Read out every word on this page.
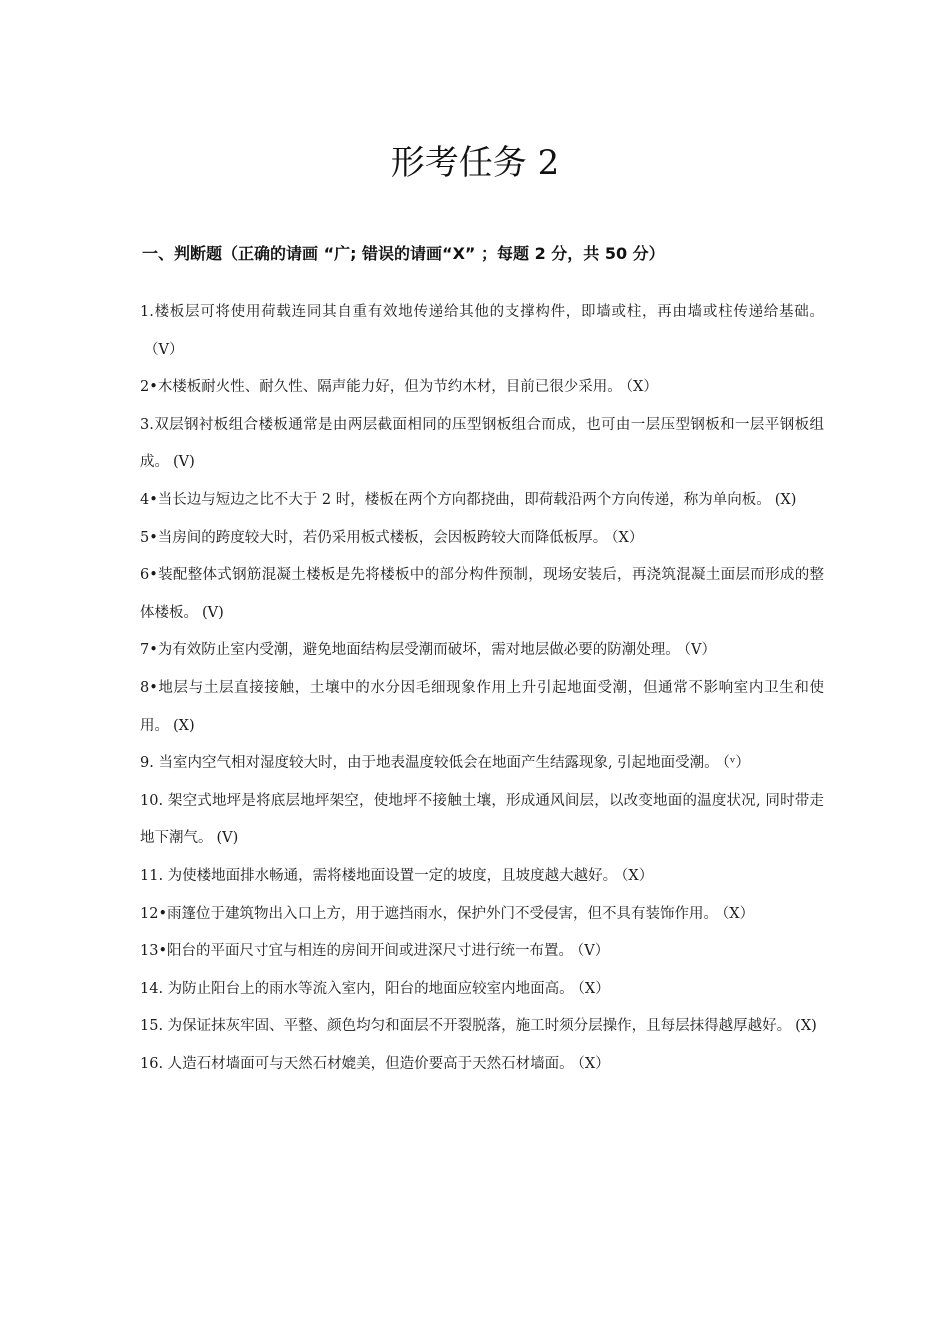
形考任务 2
一、判断题（正确的请画 “广; 错误的请画“X” ；每题 2 分，共 50 分）

1.楼板层可将使用荷载连同其自重有效地传递给其他的支撑构件，即墙或柱，再由墙或柱传递给基础。（V）

2•木楼板耐火性、耐久性、隔声能力好，但为节约木材，目前已很少采用。 （X）

3.双层钢衬板组合楼板通常是由两层截面相同的压型钢板组合而成，也可由一层压型钢板和一层平钢板组成。 (V)

4•当长边与短边之比不大于 2 时，楼板在两个方向都挠曲，即荷载沿两个方向传递，称为单向板。 (X)

5•当房间的跨度较大时，若仍采用板式楼板，会因板跨较大而降低板厚。 （X）

6•装配整体式钢筋混凝土楼板是先将楼板中的部分构件预制，现场安装后，再浇筑混凝土面层而形成的整体楼板。 (V)

7•为有效防止室内受潮，避免地面结构层受潮而破坏，需对地层做必要的防潮处理。 （V）

8•地层与土层直接接触，土壤中的水分因毛细现象作用上升引起地面受潮，但通常不影响室内卫生和使用。 (X)

9. 当室内空气相对湿度较大时，由于地表温度较低会在地面产生结露现象, 引起地面受潮。 （ᵛ）

10. 架空式地坪是将底层地坪架空，使地坪不接触土壤，形成通风间层，以改变地面的温度状况, 同时带走地下潮气。 (V)

11. 为使楼地面排水畅通，需将楼地面设置一定的坡度，且坡度越大越好。 （X）

12•雨篷位于建筑物出入口上方，用于遮挡雨水，保护外门不受侵害，但不具有装饰作用。 （X）

13•阳台的平面尺寸宜与相连的房间开间或进深尺寸进行统一布置。 （V）

14. 为防止阳台上的雨水等流入室内，阳台的地面应较室内地面高。 （X）

15. 为保证抹灰牢固、平整、颜色均匀和面层不开裂脱落，施工时须分层操作，且每层抹得越厚越好。 (X)

16. 人造石材墙面可与天然石材媲美，但造价要高于天然石材墙面。 （X）
